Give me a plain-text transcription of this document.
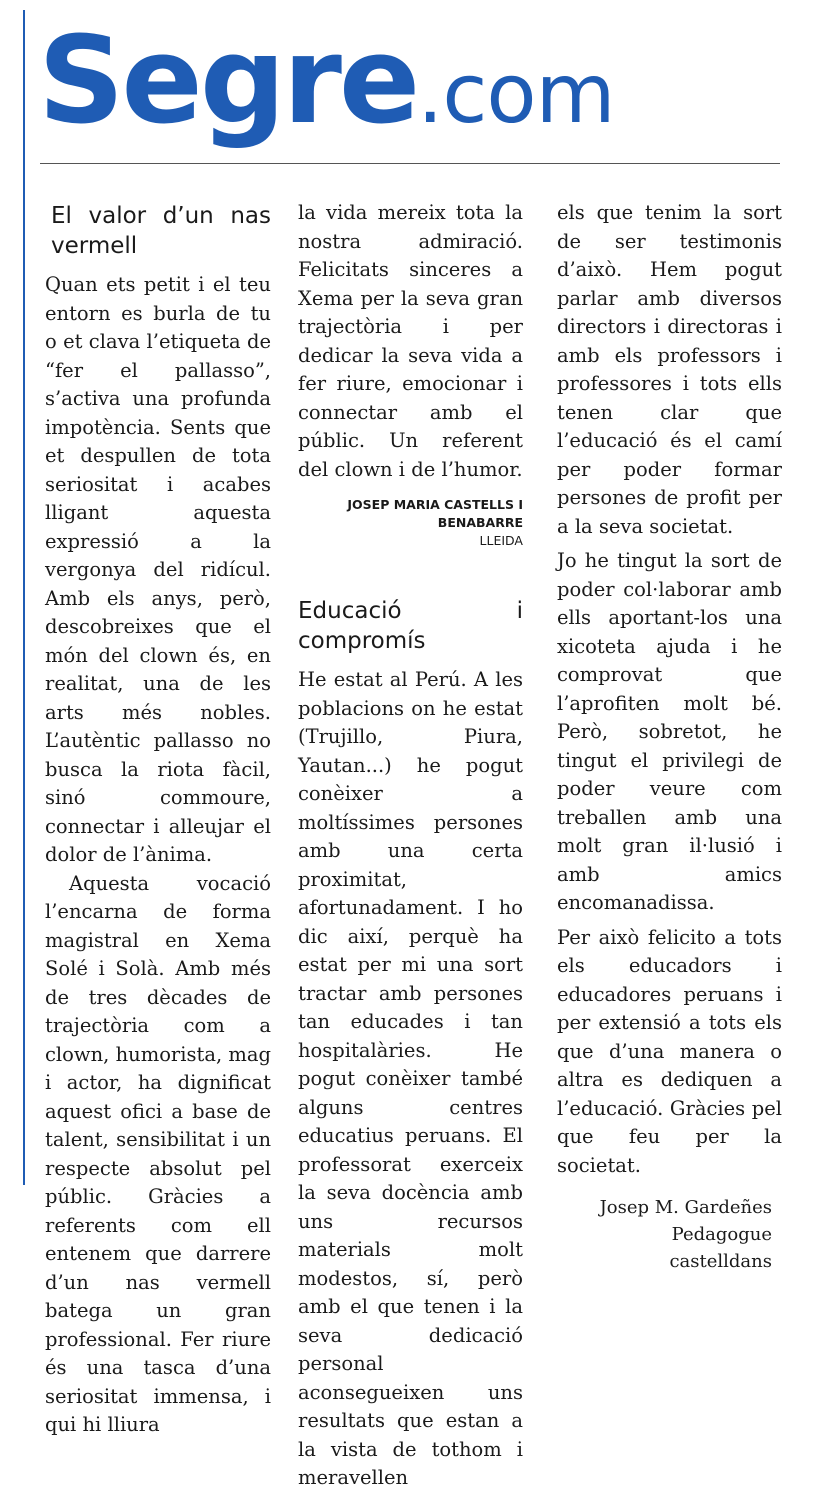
Segre.com
El valor d’un nas vermell

Quan ets petit i el teu entorn es burla de tu o et clava l’etiqueta de “fer el pallasso”, s’activa una profunda impotència. Sents que et despullen de tota seriositat i acabes lligant aquesta expressió a la vergonya del ridícul. Amb els anys, però, descobreixes que el món del clown és, en realitat, una de les arts més nobles. L’autèntic pallasso no busca la riota fàcil, sinó commoure, connectar i alleujar el dolor de l’ànima.

Aquesta vocació l’encarna de forma magistral en Xema Solé i Solà. Amb més de tres dècades de trajectòria com a clown, humorista, mag i actor, ha dignificat aquest ofici a base de talent, sensibilitat i un respecte absolut pel públic. Gràcies a referents com ell entenem que darrere d’un nas vermell batega un gran professional. Fer riure és una tasca d’una seriositat immensa, i qui hi lliura

la vida mereix tota la nostra admiració. Felicitats sinceres a Xema per la seva gran trajectòria i per dedicar la seva vida a fer riure, emocionar i connectar amb el públic. Un referent del clown i de l’humor.

JOSEP MARIA CASTELLS I BENABARRE
LLEIDA
Educació i compromís

He estat al Perú. A les poblacions on he estat (Trujillo, Piura, Yautan...) he pogut conèixer a moltíssimes persones amb una certa proximitat, afortunadament. I ho dic així, perquè ha estat per mi una sort tractar amb persones tan educades i tan hospitalàries. He pogut conèixer també alguns centres educatius peruans. El professorat exerceix la seva docència amb uns recursos materials molt modestos, sí, però amb el que tenen i la seva dedicació personal aconsegueixen uns resultats que estan a la vista de tothom i meravellen

els que tenim la sort de ser testimonis d’això. Hem pogut parlar amb diversos directors i directoras i amb els professors i professores i tots ells tenen clar que l’educació és el camí per poder formar persones de profit per a la seva societat.

Jo he tingut la sort de poder col·laborar amb ells aportant-los una xicoteta ajuda i he comprovat que l’aprofiten molt bé. Però, sobretot, he tingut el privilegi de poder veure com treballen amb una molt gran il·lusió i amb amics encomanadissa.

Per això felicito a tots els educadors i educadores peruans i per extensió a tots els que d’una manera o altra es dediquen a l’educació. Gràcies pel que feu per la societat.

Josep M. Gardeñes
Pedagogue
castelldans
